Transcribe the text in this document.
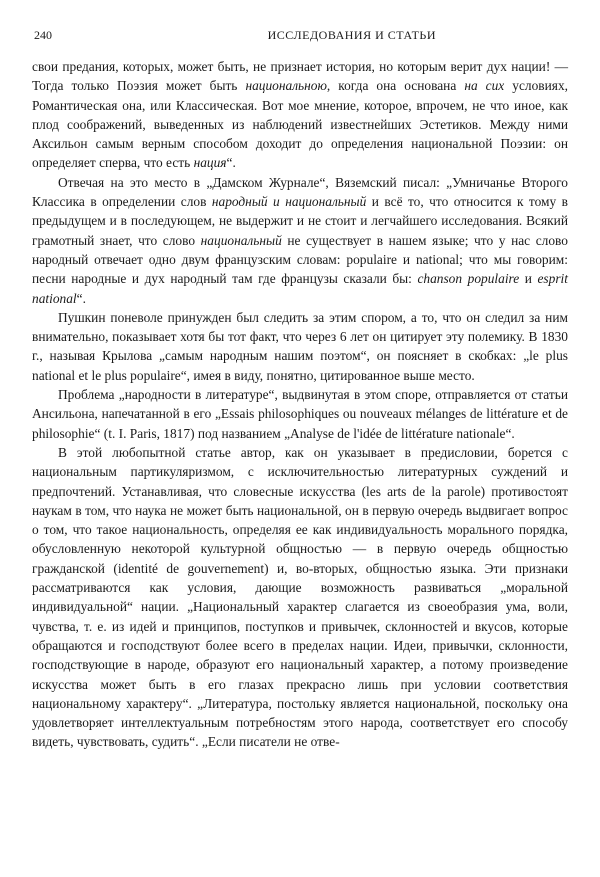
240	ИССЛЕДОВАНИЯ И СТАТЬИ

свои предания, которых, может быть, не признает история, но которым верит дух нации! — Тогда только Поэзия может быть национальною, когда она основана на сих условиях, Романтическая она, или Классическая. Вот мое мнение, которое, впрочем, не что иное, как плод соображений, выведенных из наблюдений известнейших Эстетиков. Между ними Аксильон самым верным способом доходит до определения национальной Поэзии: он определяет сперва, что есть нация“.

Отвечая на это место в „Дамском Журнале“, Вяземский писал: „Умничанье Второго Классика в определении слов народный и национальный и всё то, что относится к тому в предыдущем и в последующем, не выдержит и не стоит и легчайшего исследования. Всякий грамотный знает, что слово национальный не существует в нашем языке; что у нас слово народный отвечает одно двум французским словам: populaire и national; что мы говорим: песни народные и дух народный там где французы сказали бы: chanson populaire и esprit national“.

Пушкин поневоле принужден был следить за этим спором, а то, что он следил за ним внимательно, показывает хотя бы тот факт, что через 6 лет он цитирует эту полемику. В 1830 г., называя Крылова „самым народным нашим поэтом“, он поясняет в скобках: „le plus national et le plus populaire“, имея в виду, понятно, цитированное выше место.

Проблема „народности в литературе“, выдвинутая в этом споре, отправляется от статьи Ансильона, напечатанной в его „Essais philosophiques ou nouveaux mélanges de littérature et de philosophie“ (t. I. Paris, 1817) под названием „Analyse de l'idée de littérature nationale“.

В этой любопытной статье автор, как он указывает в предисловии, борется с национальным партикуляризмом, с исключительностью литературных суждений и предпочтений. Устанавливая, что словесные искусства (les arts de la parole) противостоят наукам в том, что наука не может быть национальной, он в первую очередь выдвигает вопрос о том, что такое национальность, определяя ее как индивидуальность морального порядка, обусловленную некоторой культурной общностью — в первую очередь общностью гражданской (identité de gouvernement) и, во-вторых, общностью языка. Эти признаки рассматриваются как условия, дающие возможность развиваться „моральной индивидуальной“ нации. „Национальный характер слагается из своеобразия ума, воли, чувства, т. е. из идей и принципов, поступков и привычек, склонностей и вкусов, которые обращаются и господствуют более всего в пределах нации. Идеи, привычки, склонности, господствующие в народе, образуют его национальный характер, а потому произведение искусства может быть в его глазах прекрасно лишь при условии соответствия национальному характеру“. „Литература, постольку является национальной, поскольку она удовлетворяет интеллектуальным потребностям этого народа, соответствует его способу видеть, чувствовать, судить“. „Если писатели не отве-
